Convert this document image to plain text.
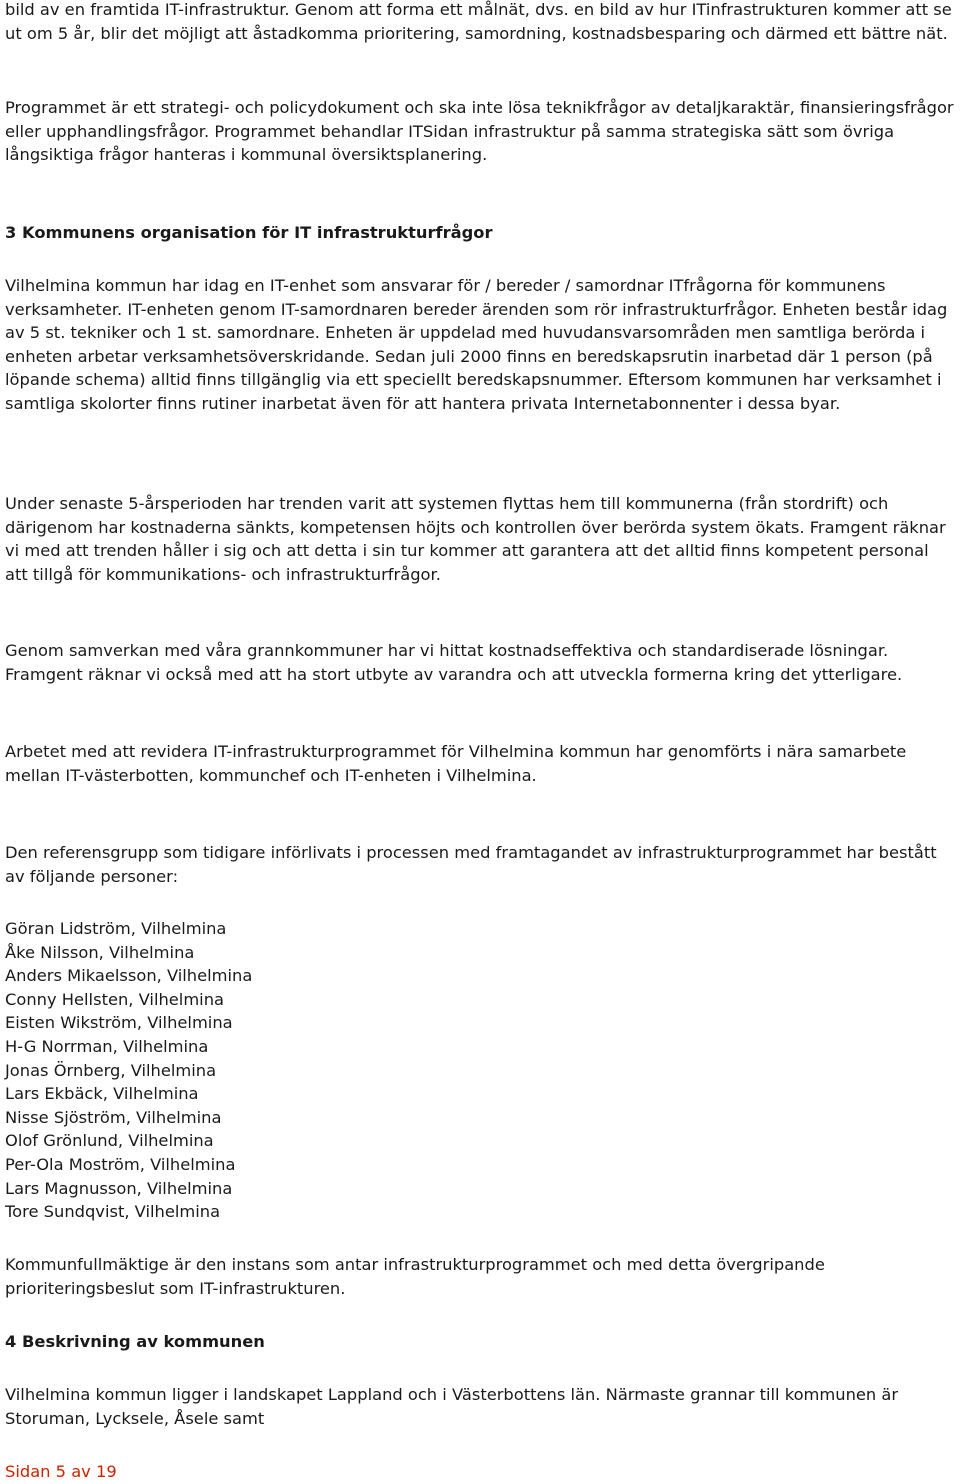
bild av en framtida IT-infrastruktur. Genom att forma ett målnät, dvs. en bild av hur ITinfrastrukturen kommer att se ut om 5 år, blir det möjligt att åstadkomma prioritering, samordning, kostnadsbesparing och därmed ett bättre nät.

Programmet är ett strategi- och policydokument och ska inte lösa teknikfrågor av detaljkaraktär, finansieringsfrågor eller upphandlingsfrågor. Programmet behandlar ITSidan infrastruktur på samma strategiska sätt som övriga långsiktiga frågor hanteras i kommunal översiktsplanering.

3 Kommunens organisation för IT infrastrukturfrågor

Vilhelmina kommun har idag en IT-enhet som ansvarar för / bereder / samordnar ITfrågorna för kommunens verksamheter. IT-enheten genom IT-samordnaren bereder ärenden som rör infrastrukturfrågor. Enheten består idag av 5 st. tekniker och 1 st. samordnare. Enheten är uppdelad med huvudansvarsområden men samtliga berörda i enheten arbetar verksamhetsöverskridande. Sedan juli 2000 finns en beredskapsrutin inarbetad där 1 person (på löpande schema) alltid finns tillgänglig via ett speciellt beredskapsnummer. Eftersom kommunen har verksamhet i samtliga skolorter finns rutiner inarbetat även för att hantera privata Internetabonnenter i dessa byar.

Under senaste 5-årsperioden har trenden varit att systemen flyttas hem till kommunerna (från stordrift) och därigenom har kostnaderna sänkts, kompetensen höjts och kontrollen över berörda system ökats. Framgent räknar vi med att trenden håller i sig och att detta i sin tur kommer att garantera att det alltid finns kompetent personal att tillgå för kommunikations- och infrastrukturfrågor.

Genom samverkan med våra grannkommuner har vi hittat kostnadseffektiva och standardiserade lösningar. Framgent räknar vi också med att ha stort utbyte av varandra och att utveckla formerna kring det ytterligare.

Arbetet med att revidera IT-infrastrukturprogrammet för Vilhelmina kommun har genomförts i nära samarbete mellan IT-västerbotten, kommunchef och IT-enheten i Vilhelmina.

Den referensgrupp som tidigare införlivats i processen med framtagandet av infrastrukturprogrammet har bestått av följande personer:

Göran Lidström, Vilhelmina
Åke Nilsson, Vilhelmina
Anders Mikaelsson, Vilhelmina
Conny Hellsten, Vilhelmina
Eisten Wikström, Vilhelmina
H-G Norrman, Vilhelmina
Jonas Örnberg, Vilhelmina
Lars Ekbäck, Vilhelmina
Nisse Sjöström, Vilhelmina
Olof Grönlund, Vilhelmina
Per-Ola Moström, Vilhelmina
Lars Magnusson, Vilhelmina
Tore Sundqvist, Vilhelmina

Kommunfullmäktige är den instans som antar infrastrukturprogrammet och med detta övergripande prioriteringsbeslut som IT-infrastrukturen.

4 Beskrivning av kommunen

Vilhelmina kommun ligger i landskapet Lappland och i Västerbottens län. Närmaste grannar till kommunen är Storuman, Lycksele, Åsele samt

Sidan 5 av 19
